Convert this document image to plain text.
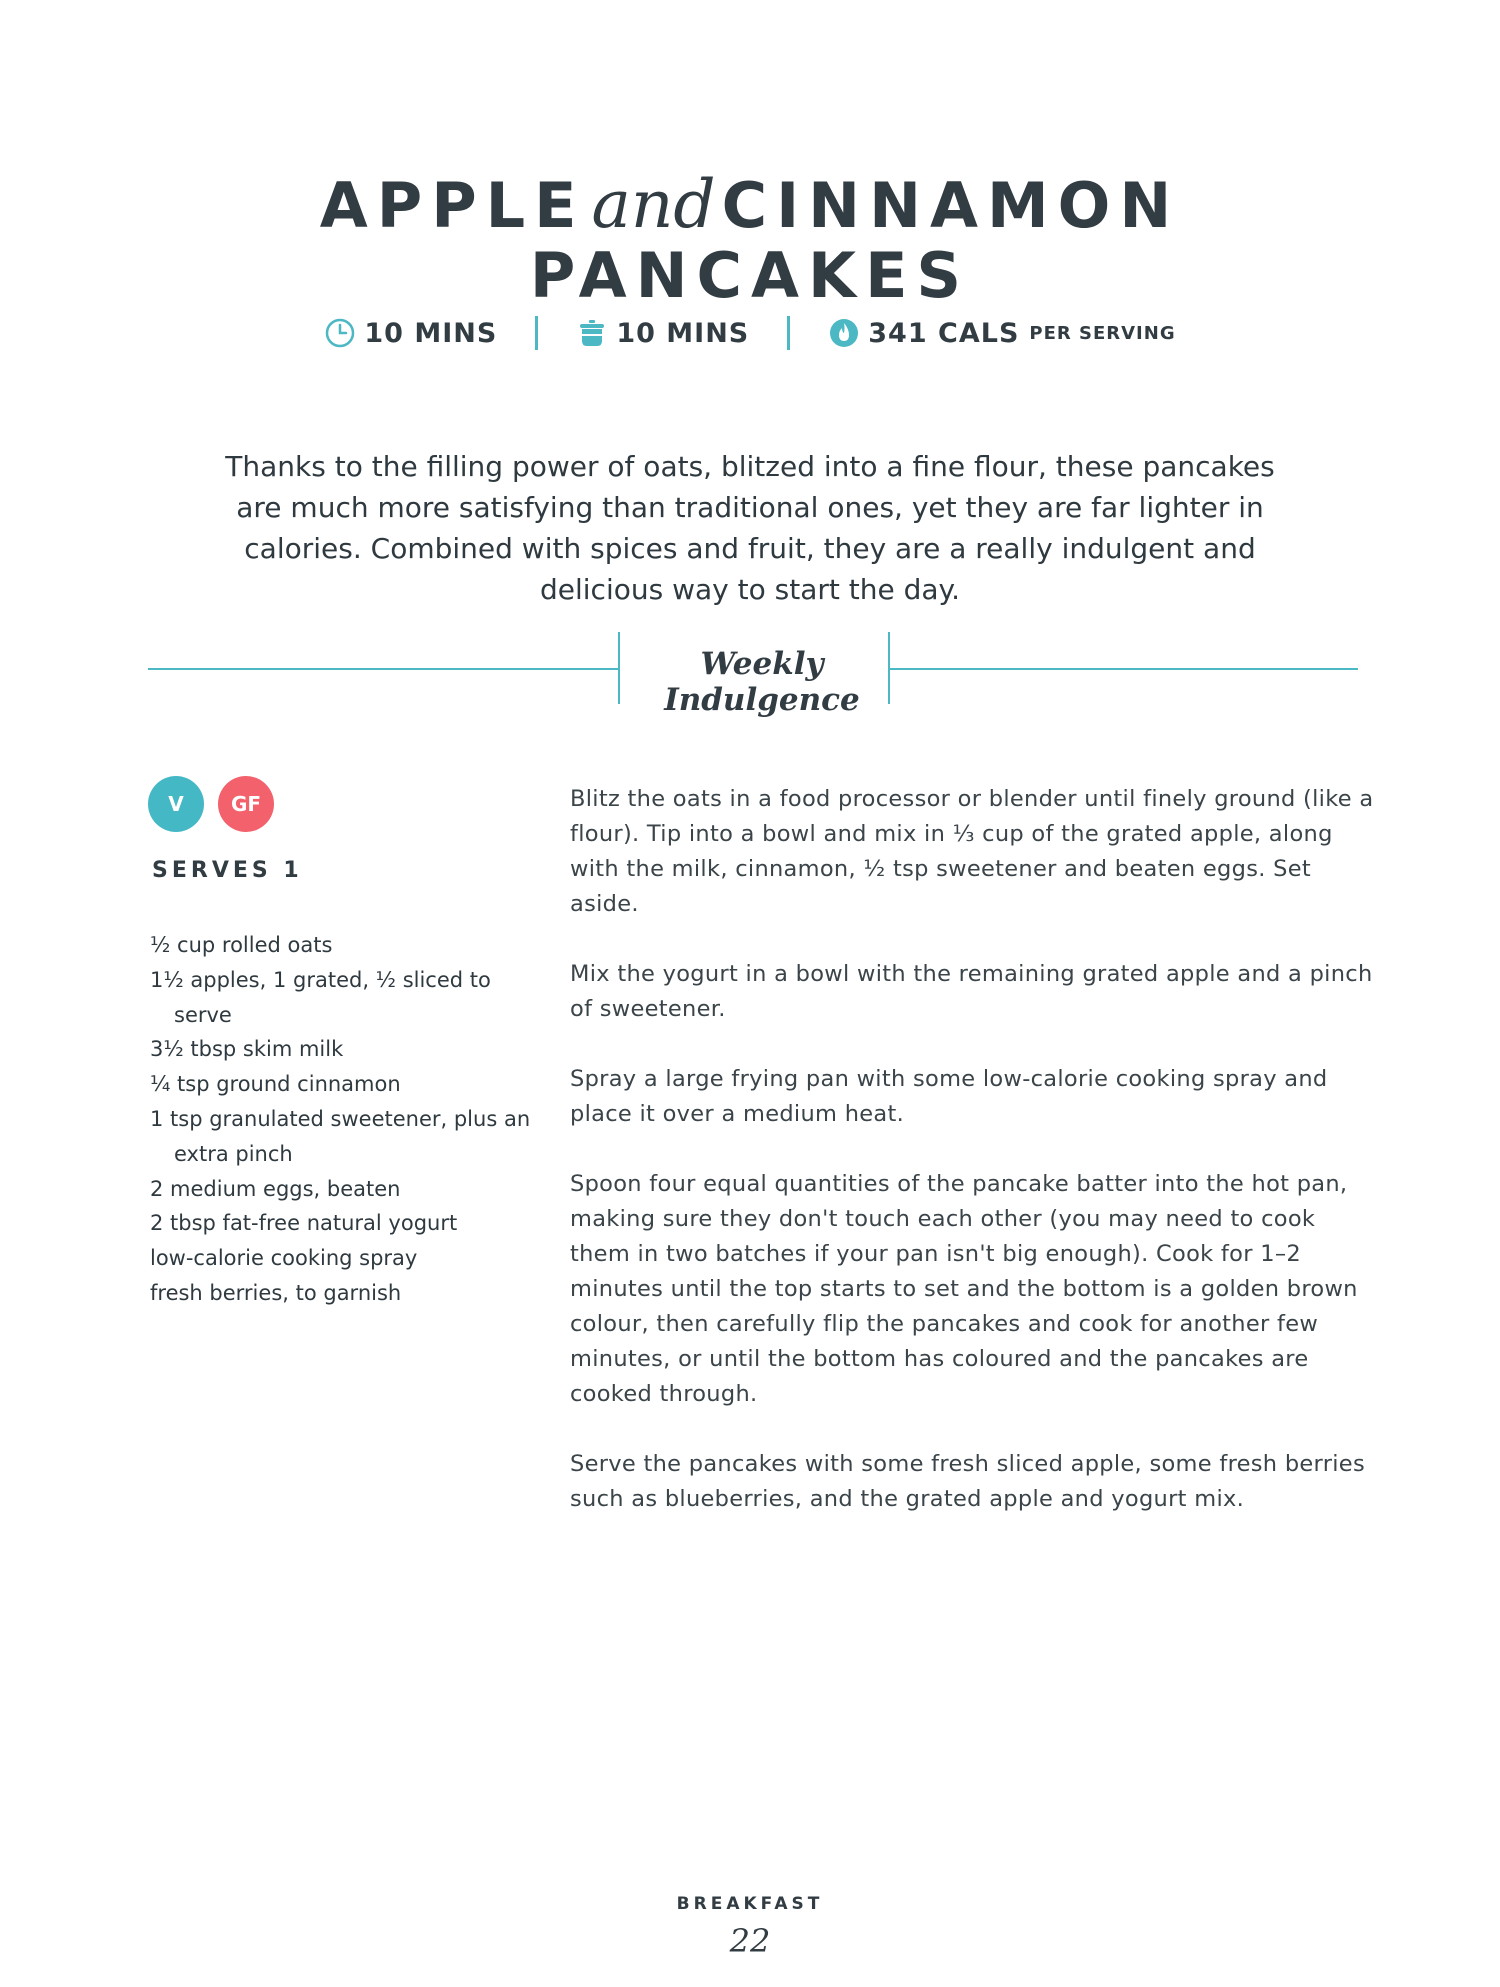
APPLEandCINNAMON
PANCAKES
10 MINS	10 MINS	341 CALS PER SERVING

Thanks to the filling power of oats, blitzed into a fine flour, these pancakes are much more satisfying than traditional ones, yet they are far lighter in calories. Combined with spices and fruit, they are a really indulgent and delicious way to start the day.

Weekly Indulgence
V	GF
SERVES 1
½ cup rolled oats
1½ apples, 1 grated, ½ sliced to serve
3½ tbsp skim milk
¼ tsp ground cinnamon
1 tsp granulated sweetener, plus an extra pinch
2 medium eggs, beaten
2 tbsp fat-free natural yogurt
low-calorie cooking spray
fresh berries, to garnish

Blitz the oats in a food processor or blender until finely ground (like a flour). Tip into a bowl and mix in ⅓ cup of the grated apple, along with the milk, cinnamon, ½ tsp sweetener and beaten eggs. Set aside.

Mix the yogurt in a bowl with the remaining grated apple and a pinch of sweetener.

Spray a large frying pan with some low-calorie cooking spray and place it over a medium heat.

Spoon four equal quantities of the pancake batter into the hot pan, making sure they don't touch each other (you may need to cook them in two batches if your pan isn't big enough). Cook for 1–2 minutes until the top starts to set and the bottom is a golden brown colour, then carefully flip the pancakes and cook for another few minutes, or until the bottom has coloured and the pancakes are cooked through.

Serve the pancakes with some fresh sliced apple, some fresh berries such as blueberries, and the grated apple and yogurt mix.

BREAKFAST
22
